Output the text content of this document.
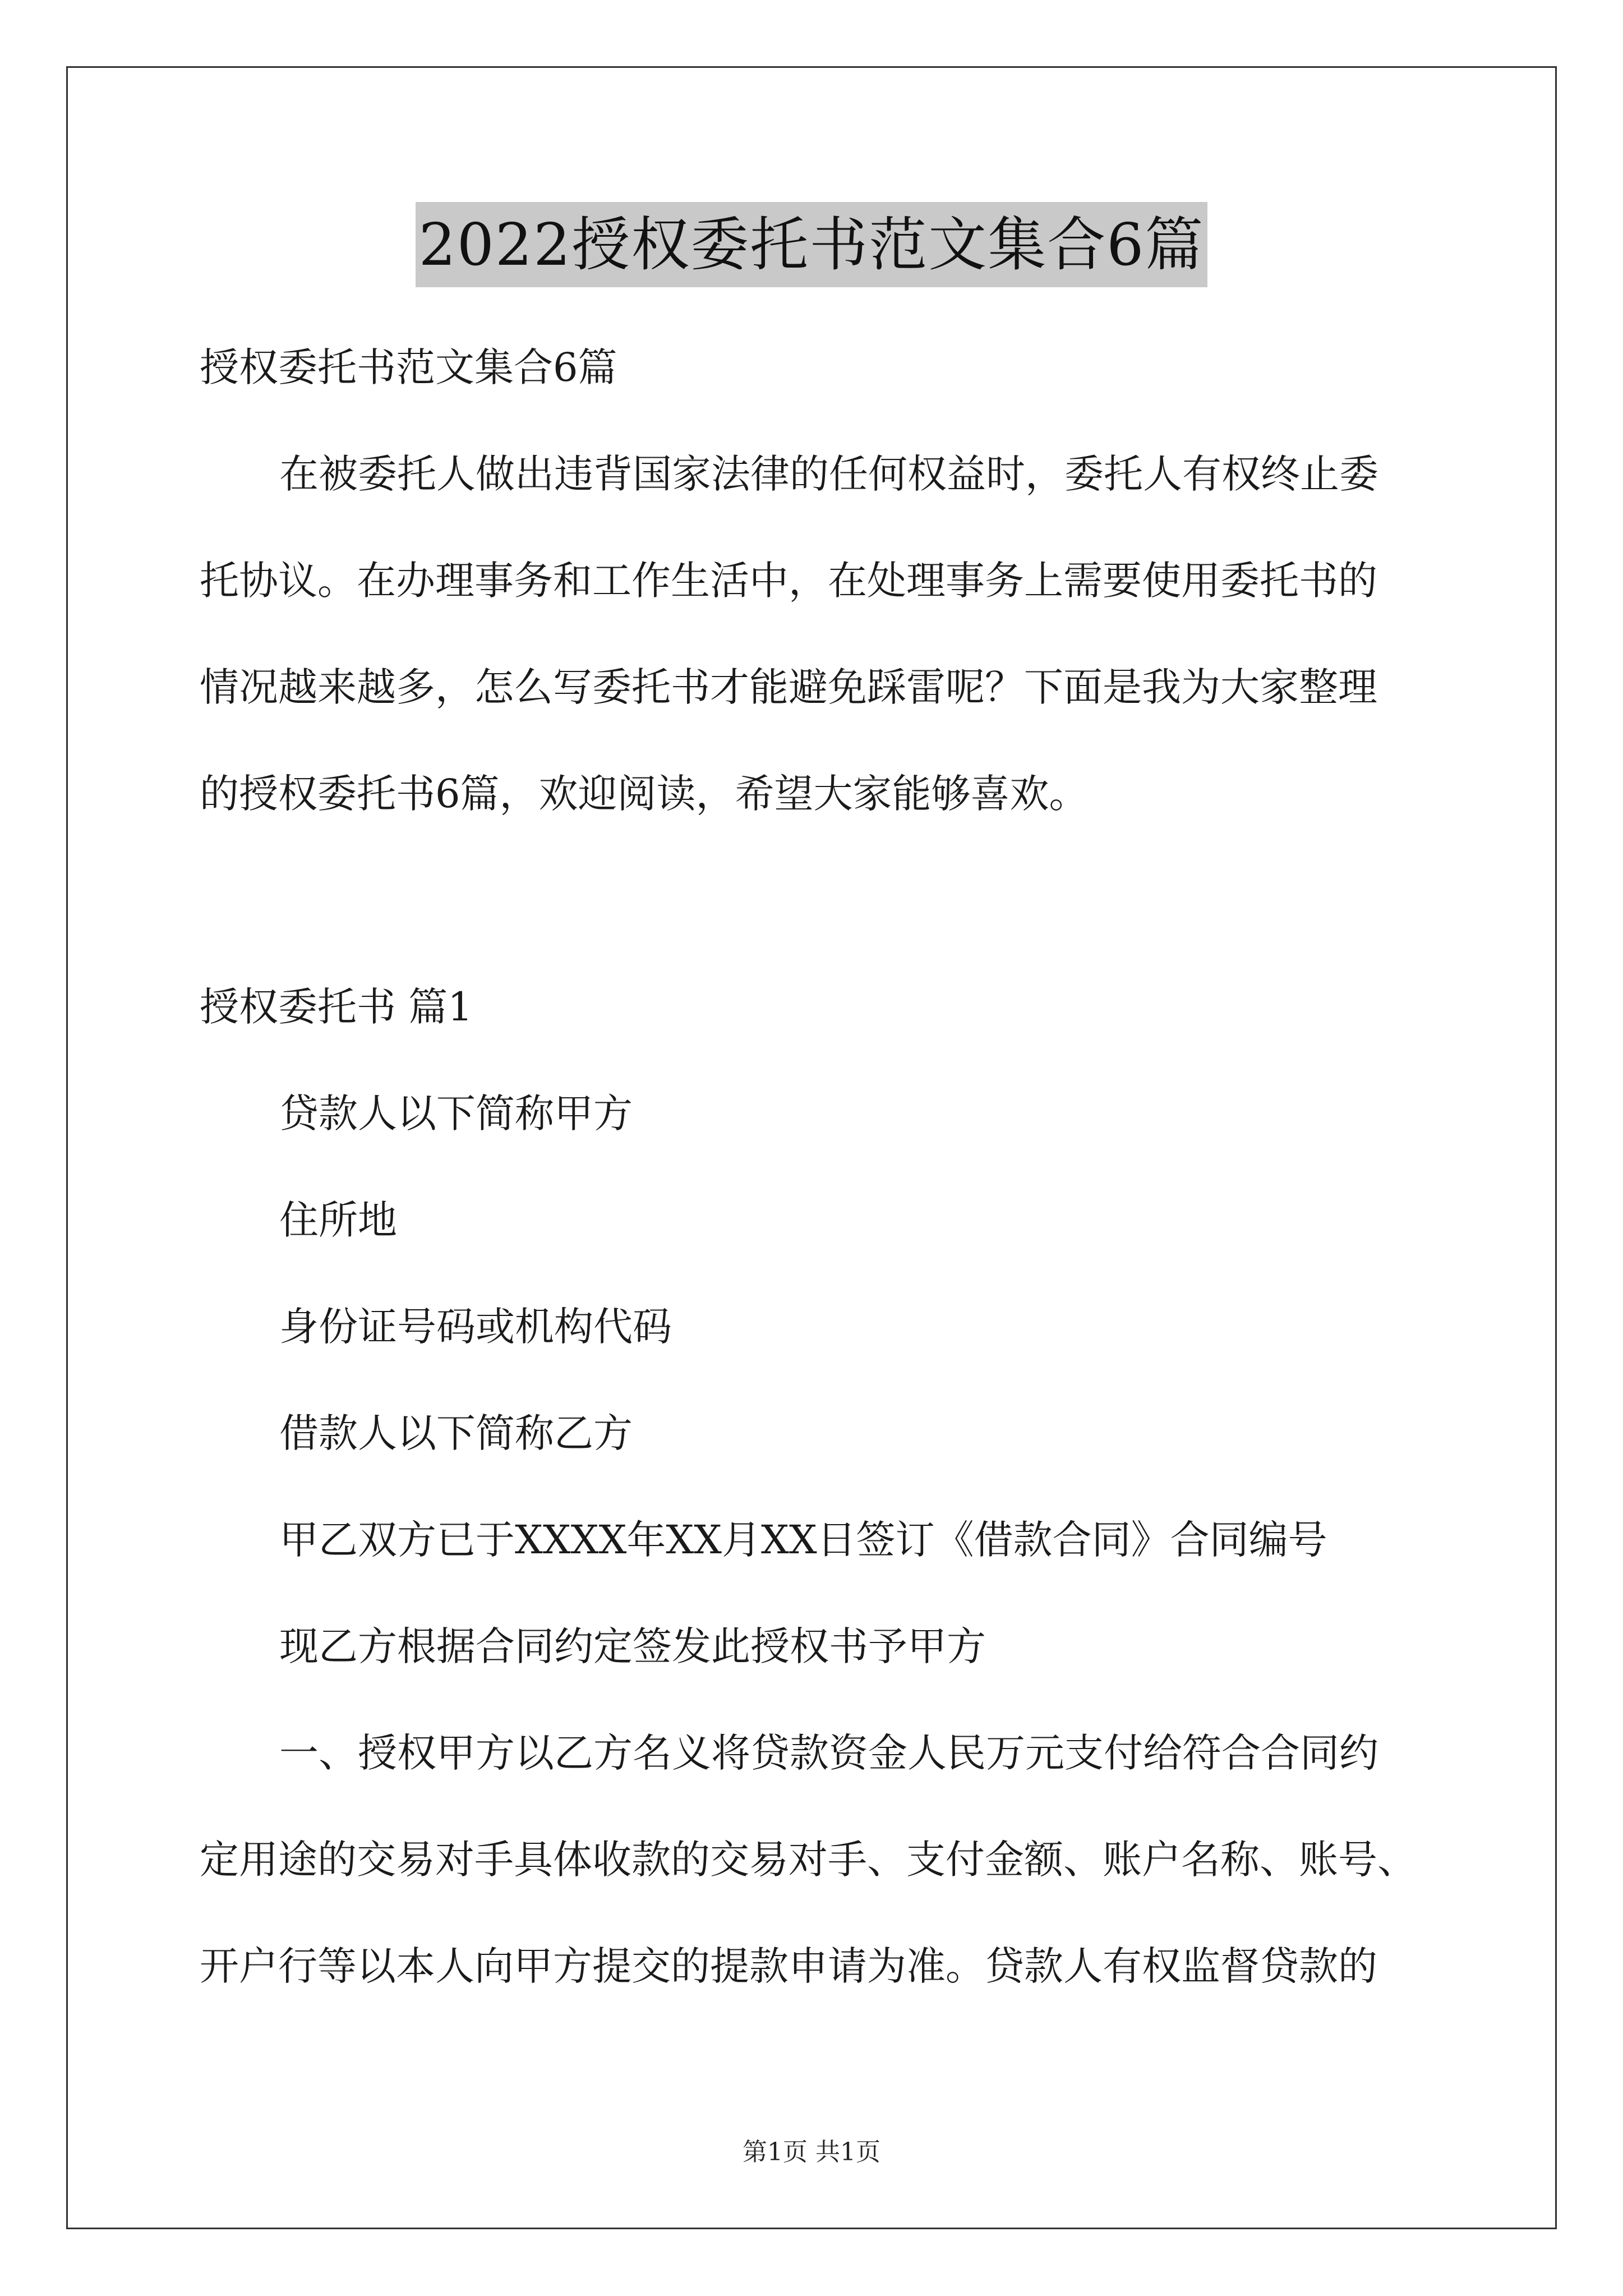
2022授权委托书范文集合6篇

授权委托书范文集合6篇

在被委托人做出违背国家法律的任何权益时，委托人有权终止委

托协议。在办理事务和工作生活中，在处理事务上需要使用委托书的

情况越来越多，怎么写委托书才能避免踩雷呢？下面是我为大家整理

的授权委托书6篇，欢迎阅读，希望大家能够喜欢。

授权委托书 篇1

贷款人以下简称甲方

住所地

身份证号码或机构代码

借款人以下简称乙方

甲乙双方已于XXXX年XX月XX日签订《借款合同》合同编号

现乙方根据合同约定签发此授权书予甲方

一、授权甲方以乙方名义将贷款资金人民万元支付给符合合同约

定用途的交易对手具体收款的交易对手、支付金额、账户名称、账号、

开户行等以本人向甲方提交的提款申请为准。贷款人有权监督贷款的

第1页 共1页
